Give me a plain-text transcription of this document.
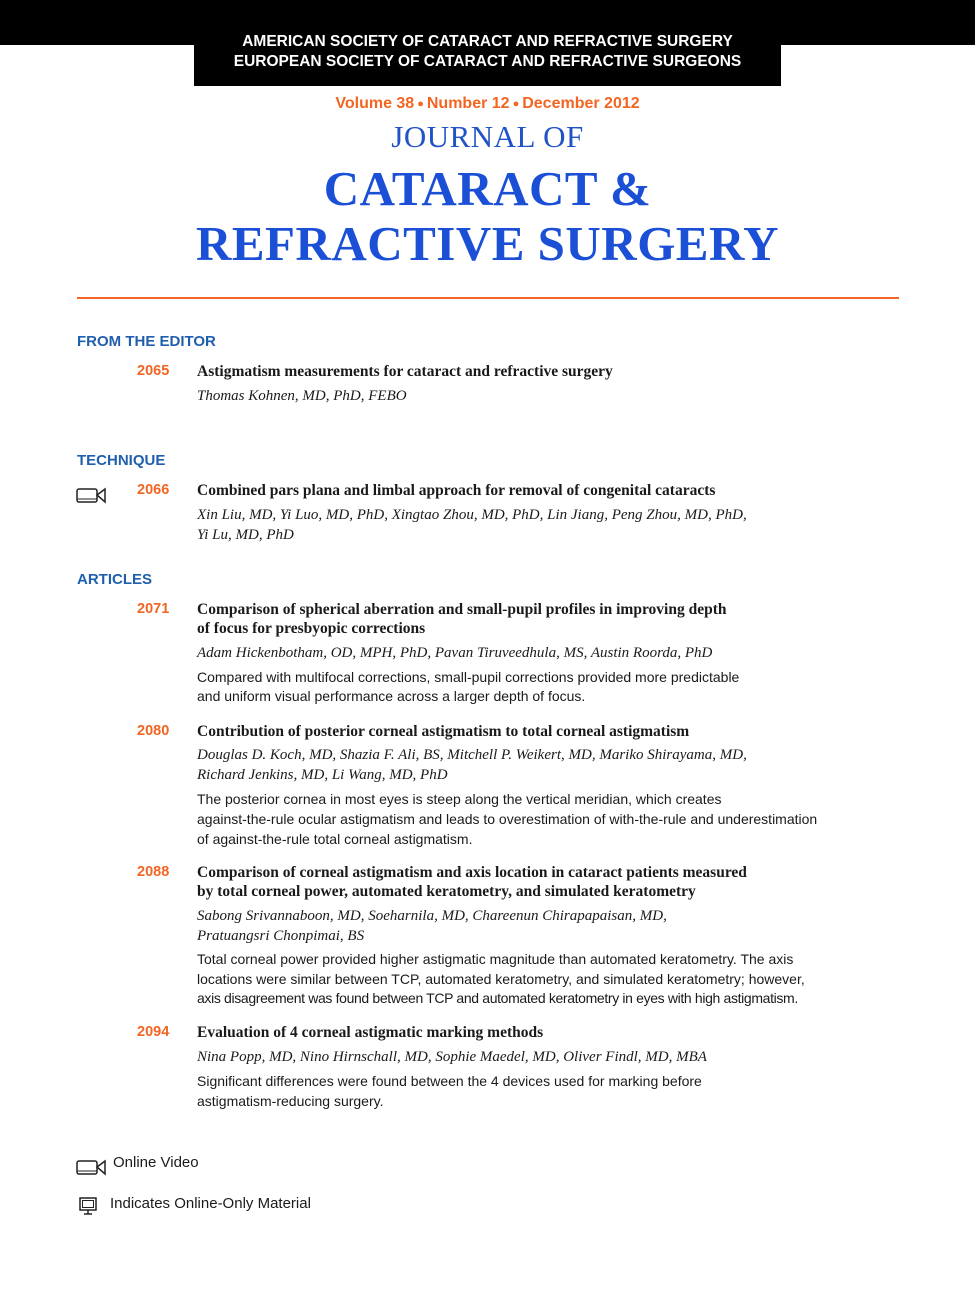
AMERICAN SOCIETY OF CATARACT AND REFRACTIVE SURGERY
EUROPEAN SOCIETY OF CATARACT AND REFRACTIVE SURGEONS
Volume 38 ● Number 12 ● December 2012
JOURNAL OF
CATARACT &
REFRACTIVE SURGERY
FROM THE EDITOR
2065 Astigmatism measurements for cataract and refractive surgery
Thomas Kohnen, MD, PhD, FEBO
TECHNIQUE
2066 Combined pars plana and limbal approach for removal of congenital cataracts
Xin Liu, MD, Yi Luo, MD, PhD, Xingtao Zhou, MD, PhD, Lin Jiang, Peng Zhou, MD, PhD,
Yi Lu, MD, PhD
ARTICLES
2071 Comparison of spherical aberration and small-pupil profiles in improving depth
of focus for presbyopic corrections
Adam Hickenbotham, OD, MPH, PhD, Pavan Tiruveedhula, MS, Austin Roorda, PhD
Compared with multifocal corrections, small-pupil corrections provided more predictable
and uniform visual performance across a larger depth of focus.
2080 Contribution of posterior corneal astigmatism to total corneal astigmatism
Douglas D. Koch, MD, Shazia F. Ali, BS, Mitchell P. Weikert, MD, Mariko Shirayama, MD,
Richard Jenkins, MD, Li Wang, MD, PhD
The posterior cornea in most eyes is steep along the vertical meridian, which creates
against-the-rule ocular astigmatism and leads to overestimation of with-the-rule and underestimation
of against-the-rule total corneal astigmatism.
2088 Comparison of corneal astigmatism and axis location in cataract patients measured
by total corneal power, automated keratometry, and simulated keratometry
Sabong Srivannaboon, MD, Soeharnila, MD, Chareenun Chirapapaisan, MD,
Pratuangsri Chonpimai, BS
Total corneal power provided higher astigmatic magnitude than automated keratometry. The axis
locations were similar between TCP, automated keratometry, and simulated keratometry; however,
axis disagreement was found between TCP and automated keratometry in eyes with high astigmatism.
2094 Evaluation of 4 corneal astigmatic marking methods
Nina Popp, MD, Nino Hirnschall, MD, Sophie Maedel, MD, Oliver Findl, MD, MBA
Significant differences were found between the 4 devices used for marking before
astigmatism-reducing surgery.
Online Video
Indicates Online-Only Material
